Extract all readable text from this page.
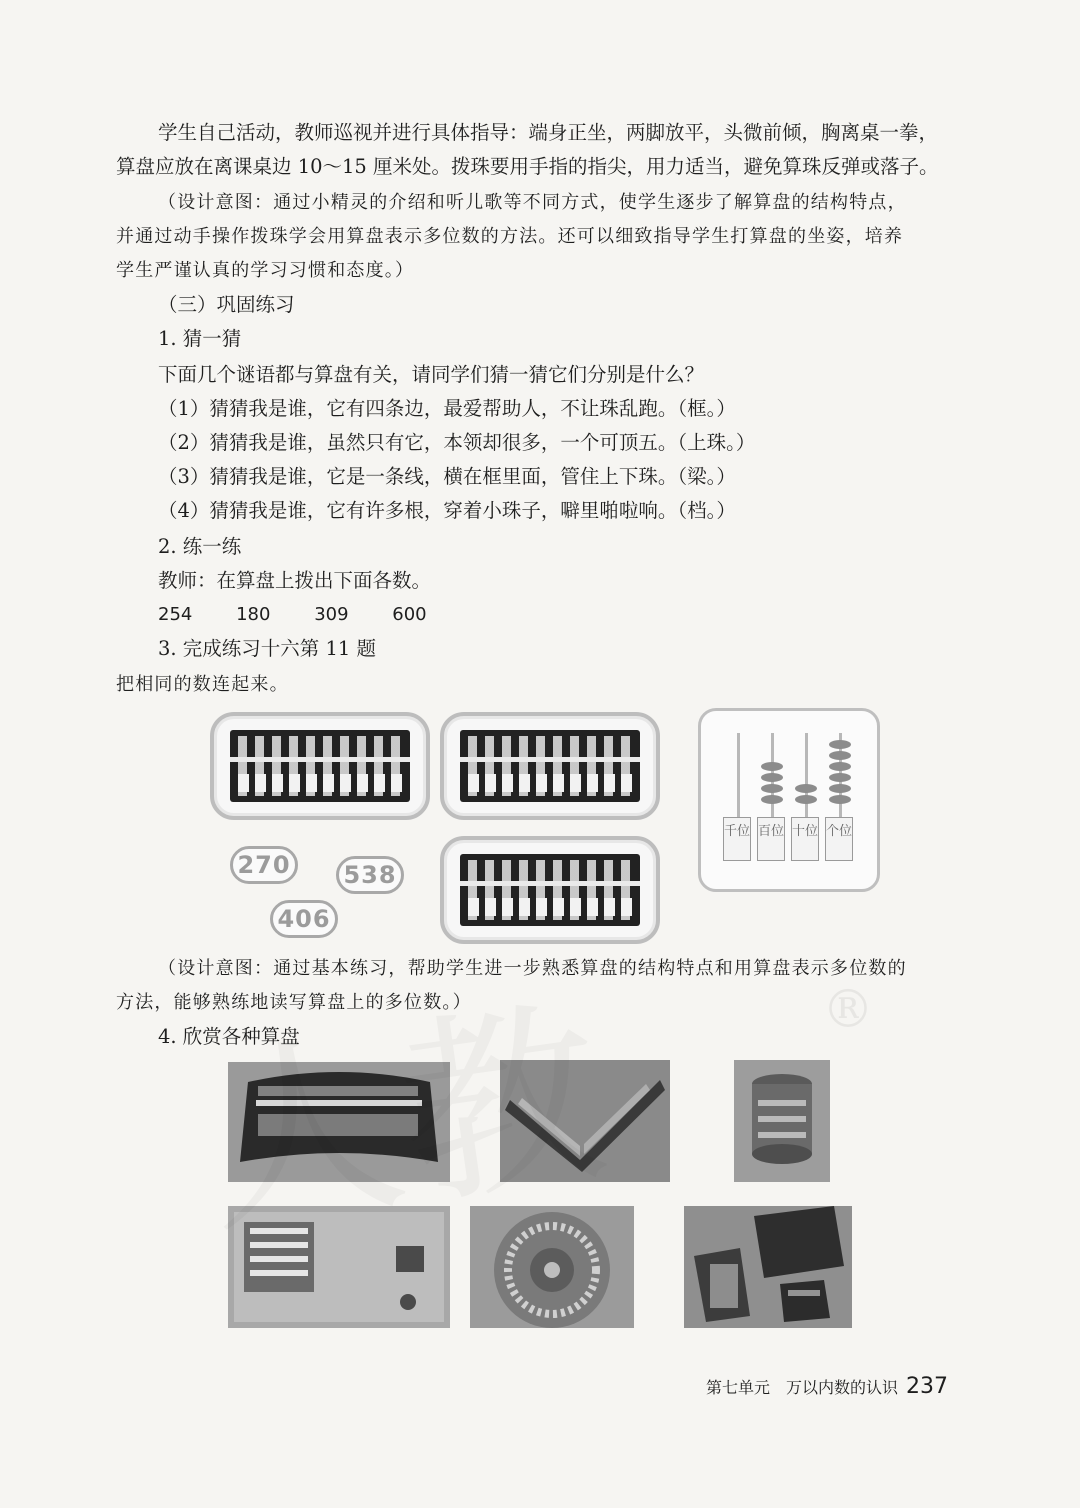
学生自己活动，教师巡视并进行具体指导：端身正坐，两脚放平，头微前倾，胸离桌一拳，
算盘应放在离课桌边 10～15 厘米处。拨珠要用手指的指尖，用力适当，避免算珠反弹或落子。
（设计意图：通过小精灵的介绍和听儿歌等不同方式，使学生逐步了解算盘的结构特点，
并通过动手操作拨珠学会用算盘表示多位数的方法。还可以细致指导学生打算盘的坐姿，培养
学生严谨认真的学习习惯和态度。）
（三）巩固练习
1. 猜一猜
下面几个谜语都与算盘有关，请同学们猜一猜它们分别是什么？
（1）猜猜我是谁，它有四条边，最爱帮助人，不让珠乱跑。（框。）
（2）猜猜我是谁，虽然只有它，本领却很多，一个可顶五。（上珠。）
（3）猜猜我是谁，它是一条线，横在框里面，管住上下珠。（梁。）
（4）猜猜我是谁，它有许多根，穿着小珠子，噼里啪啦响。（档。）
2. 练一练
教师：在算盘上拨出下面各数。
254 180 309 600
3. 完成练习十六第 11 题
把相同的数连起来。
千位 百位 十位 个位
270	538
406
（设计意图：通过基本练习，帮助学生进一步熟悉算盘的结构特点和用算盘表示多位数的
方法，能够熟练地读写算盘上的多位数。）
4. 欣赏各种算盘	®
第七单元　万以内数的认识 237
